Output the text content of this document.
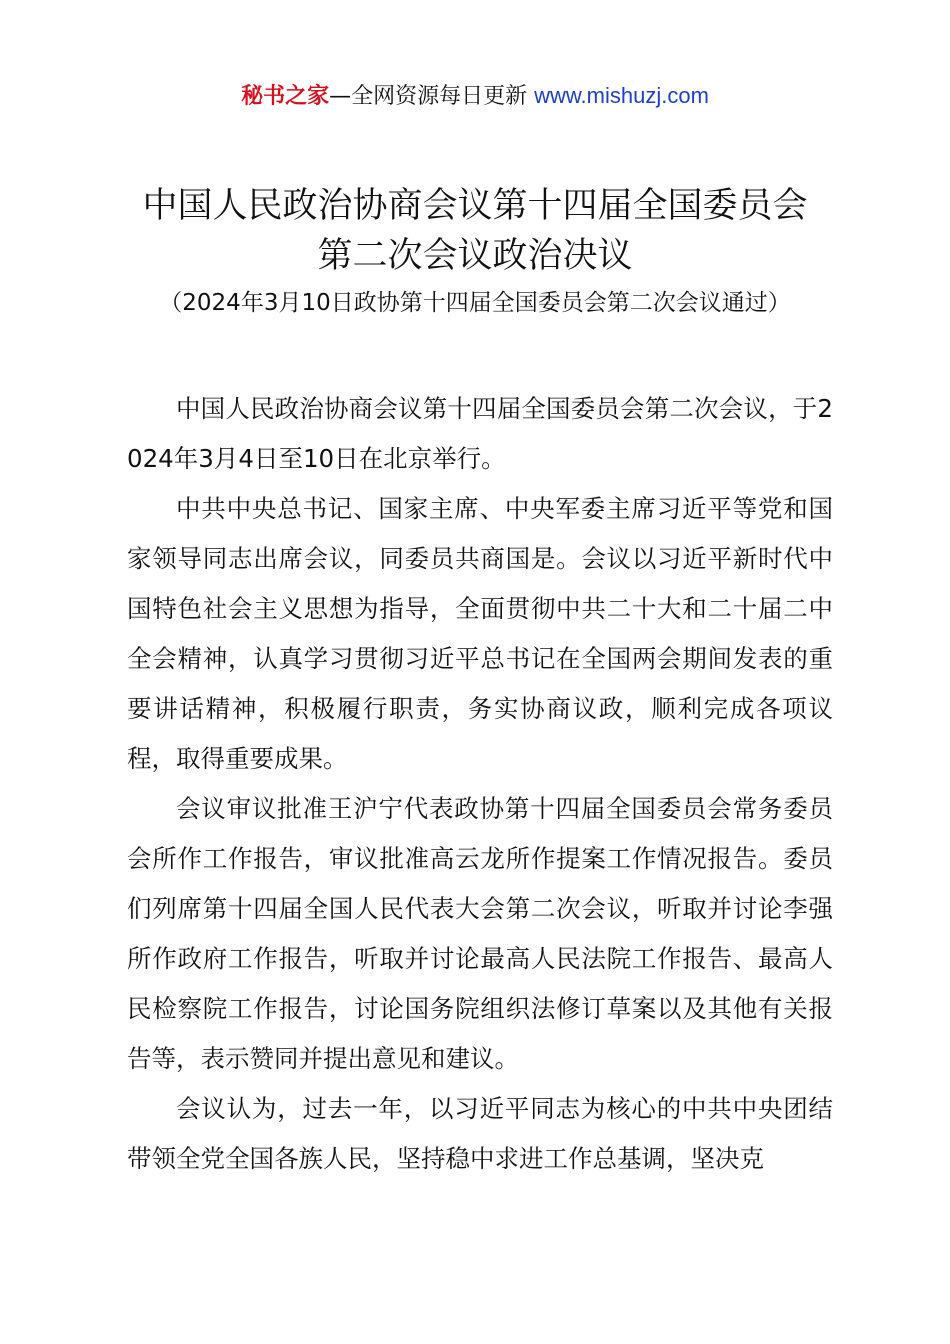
秘书之家—全网资源每日更新 www.mishuzj.com
中国人民政治协商会议第十四届全国委员会
第二次会议政治决议
（2024年3月10日政协第十四届全国委员会第二次会议通过）

中国人民政治协商会议第十四届全国委员会第二次会议，于2024年3月4日至10日在北京举行。

中共中央总书记、国家主席、中央军委主席习近平等党和国家领导同志出席会议，同委员共商国是。会议以习近平新时代中国特色社会主义思想为指导，全面贯彻中共二十大和二十届二中全会精神，认真学习贯彻习近平总书记在全国两会期间发表的重要讲话精神，积极履行职责，务实协商议政，顺利完成各项议程，取得重要成果。

会议审议批准王沪宁代表政协第十四届全国委员会常务委员会所作工作报告，审议批准高云龙所作提案工作情况报告。委员们列席第十四届全国人民代表大会第二次会议，听取并讨论李强所作政府工作报告，听取并讨论最高人民法院工作报告、最高人民检察院工作报告，讨论国务院组织法修订草案以及其他有关报告等，表示赞同并提出意见和建议。

会议认为，过去一年，以习近平同志为核心的中共中央团结带领全党全国各族人民，坚持稳中求进工作总基调，坚决克
